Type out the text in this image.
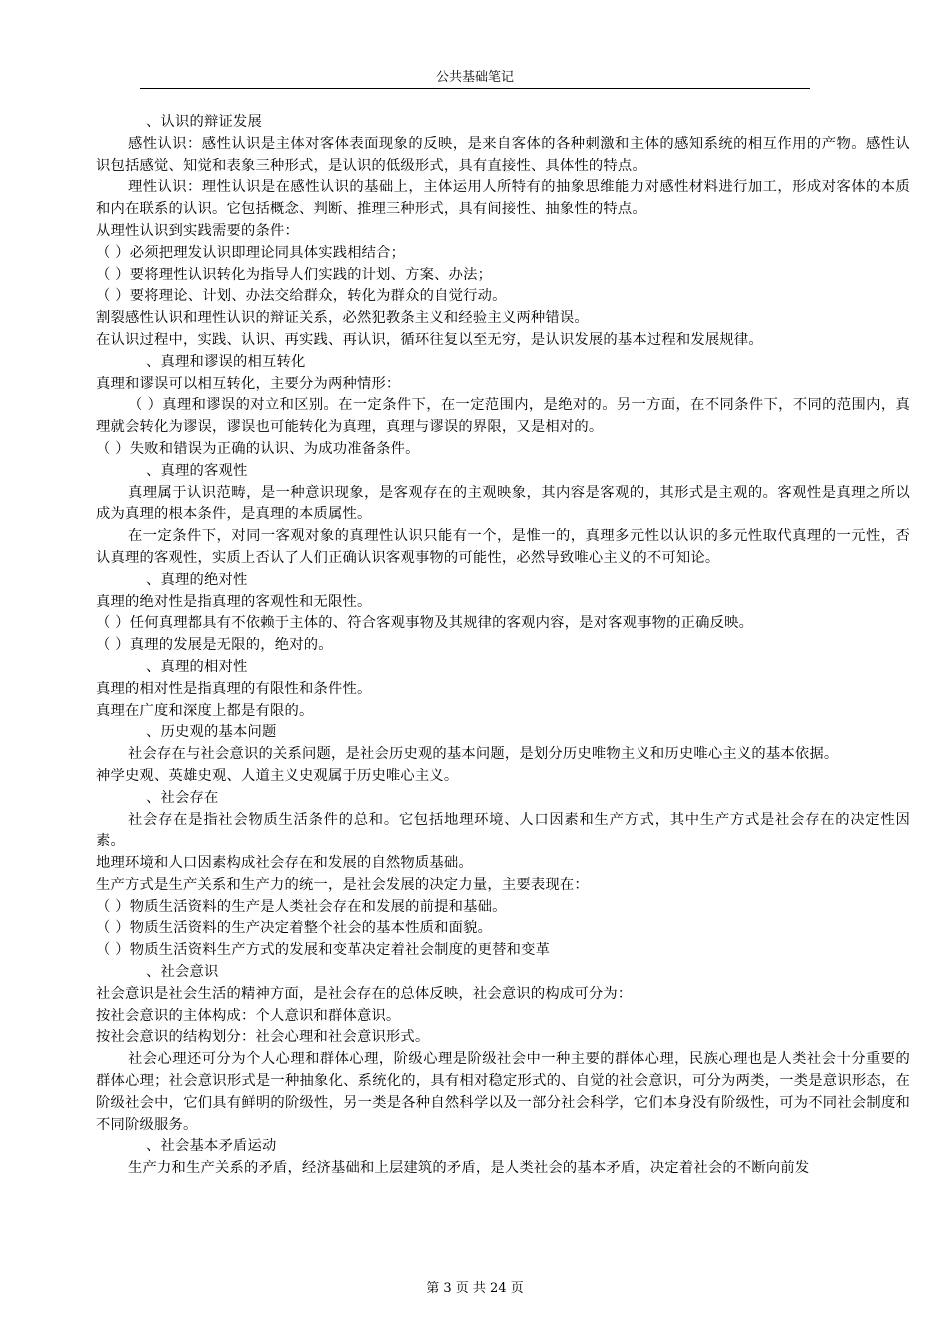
公共基础笔记

、认识的辩证发展

感性认识：感性认识是主体对客体表面现象的反映，是来自客体的各种刺激和主体的感知系统的相互作用的产物。感性认识包括感觉、知觉和表象三种形式，是认识的低级形式，具有直接性、具体性的特点。

理性认识：理性认识是在感性认识的基础上，主体运用人所特有的抽象思维能力对感性材料进行加工，形成对客体的本质和内在联系的认识。它包括概念、判断、推理三种形式，具有间接性、抽象性的特点。

从理性认识到实践需要的条件：

（ ）必须把理发认识即理论同具体实践相结合；

（ ）要将理性认识转化为指导人们实践的计划、方案、办法；

（ ）要将理论、计划、办法交给群众，转化为群众的自觉行动。

割裂感性认识和理性认识的辩证关系，必然犯教条主义和经验主义两种错误。

在认识过程中，实践、认识、再实践、再认识，循环往复以至无穷，是认识发展的基本过程和发展规律。

、真理和谬误的相互转化

真理和谬误可以相互转化，主要分为两种情形：

（ ）真理和谬误的对立和区别。在一定条件下，在一定范围内，是绝对的。另一方面，在不同条件下，不同的范围内，真理就会转化为谬误，谬误也可能转化为真理，真理与谬误的界限，又是相对的。

（ ）失败和错误为正确的认识、为成功准备条件。

、真理的客观性

真理属于认识范畴，是一种意识现象，是客观存在的主观映象，其内容是客观的，其形式是主观的。客观性是真理之所以成为真理的根本条件，是真理的本质属性。

在一定条件下，对同一客观对象的真理性认识只能有一个，是惟一的，真理多元性以认识的多元性取代真理的一元性，否认真理的客观性，实质上否认了人们正确认识客观事物的可能性，必然导致唯心主义的不可知论。

、真理的绝对性

真理的绝对性是指真理的客观性和无限性。

（ ）任何真理都具有不依赖于主体的、符合客观事物及其规律的客观内容，是对客观事物的正确反映。

（ ）真理的发展是无限的，绝对的。

、真理的相对性

真理的相对性是指真理的有限性和条件性。

真理在广度和深度上都是有限的。

、历史观的基本问题

社会存在与社会意识的关系问题，是社会历史观的基本问题，是划分历史唯物主义和历史唯心主义的基本依据。

神学史观、英雄史观、人道主义史观属于历史唯心主义。

、社会存在

社会存在是指社会物质生活条件的总和。它包括地理环境、人口因素和生产方式，其中生产方式是社会存在的决定性因素。

地理环境和人口因素构成社会存在和发展的自然物质基础。

生产方式是生产关系和生产力的统一，是社会发展的决定力量，主要表现在：

（ ）物质生活资料的生产是人类社会存在和发展的前提和基础。

（ ）物质生活资料的生产决定着整个社会的基本性质和面貌。

（ ）物质生活资料生产方式的发展和变革决定着社会制度的更替和变革

、社会意识

社会意识是社会生活的精神方面，是社会存在的总体反映，社会意识的构成可分为：

按社会意识的主体构成：个人意识和群体意识。

按社会意识的结构划分：社会心理和社会意识形式。

社会心理还可分为个人心理和群体心理，阶级心理是阶级社会中一种主要的群体心理，民族心理也是人类社会十分重要的群体心理；社会意识形式是一种抽象化、系统化的，具有相对稳定形式的、自觉的社会意识，可分为两类，一类是意识形态，在阶级社会中，它们具有鲜明的阶级性，另一类是各种自然科学以及一部分社会科学，它们本身没有阶级性，可为不同社会制度和不同阶级服务。

、社会基本矛盾运动

生产力和生产关系的矛盾，经济基础和上层建筑的矛盾，是人类社会的基本矛盾，决定着社会的不断向前发

第 3 页 共 24 页
